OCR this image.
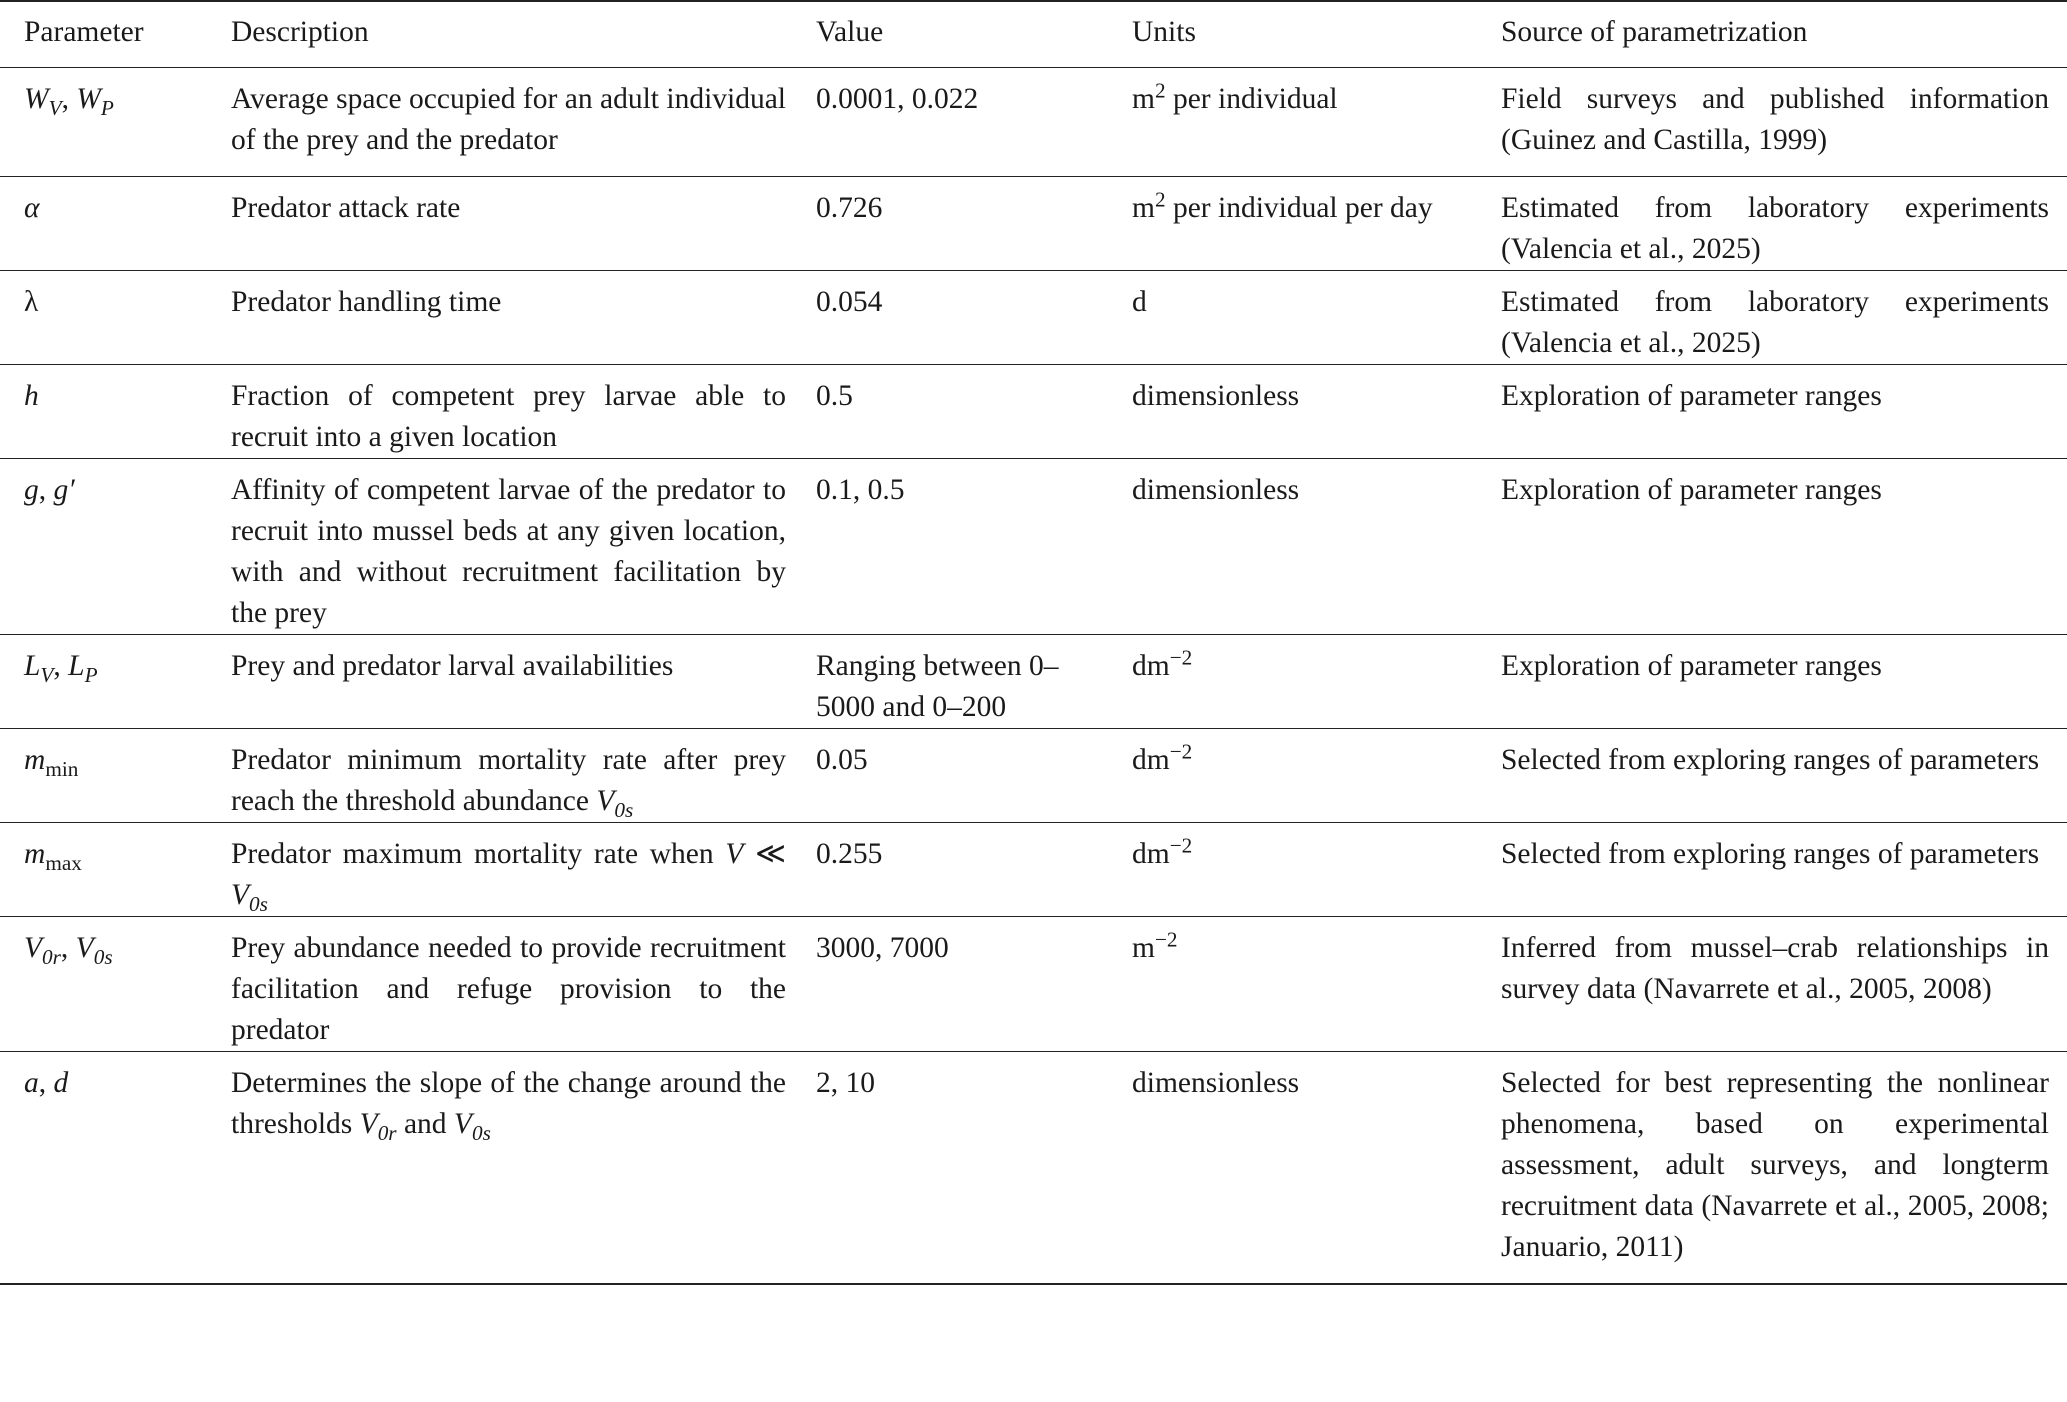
Parameter	Description	Value	Units	Source of parametrization
$W_V$, $W_P$	Average space occupied for an adult individual of the prey and the predator	0.0001, 0.022	$m^2$ per individual	Field surveys and published information (Guinez and Castilla, 1999)
α	Predator attack rate	0.726	$m^2$ per individual per day	Estimated from laboratory experiments (Valencia et al., 2025)
λ	Predator handling time	0.054	d	Estimated from laboratory experiments (Valencia et al., 2025)
h	Fraction of competent prey larvae able to recruit into a given location	0.5	dimensionless	Exploration of parameter ranges
g, g′	Affinity of competent larvae of the predator to recruit into mussel beds at any given location, with and without recruitment facilitation by the prey	0.1, 0.5	dimensionless	Exploration of parameter ranges
$L_V$, $L_P$	Prey and predator larval availabilities	Ranging between 0–5000 and 0–200	$dm^{-2}$	Exploration of parameter ranges
$m_{min}$	Predator minimum mortality rate after prey reach the threshold abundance $V_{0s}$	0.05	$dm^{-2}$	Selected from exploring ranges of parameters
$m_{max}$	Predator maximum mortality rate when V ≪ $V_{0s}$	0.255	$dm^{-2}$	Selected from exploring ranges of parameters
$V_{0r}$, $V_{0s}$	Prey abundance needed to provide recruitment facilitation and refuge provision to the predator	3000, 7000	$m^{-2}$	Inferred from mussel–crab relationships in survey data (Navarrete et al., 2005, 2008)
a, d	Determines the slope of the change around the thresholds $V_{0r}$ and $V_{0s}$	2, 10	dimensionless	Selected for best representing the nonlinear phenomena, based on experimental assessment, adult surveys, and longterm recruitment data (Navarrete et al., 2005, 2008; Januario, 2011)
